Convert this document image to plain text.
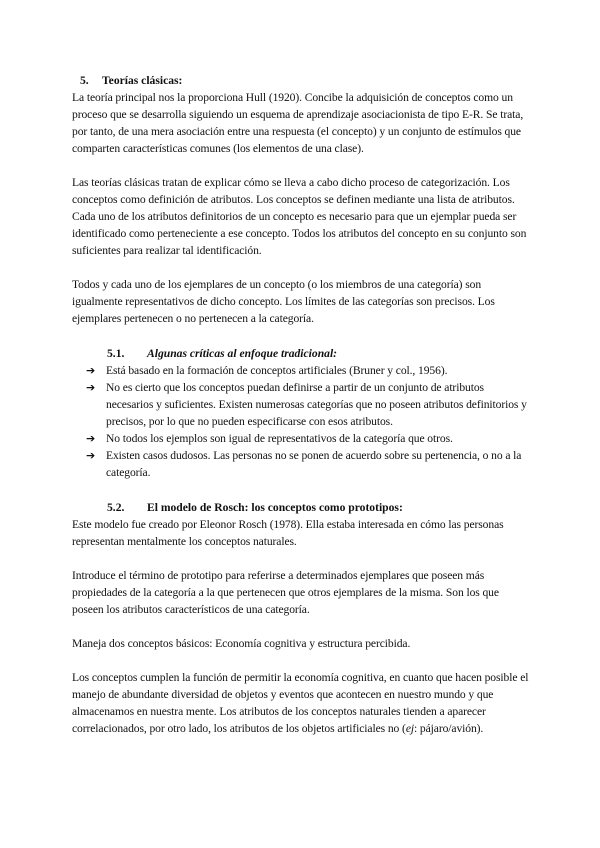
5. Teorías clásicas:

La teoría principal nos la proporciona Hull (1920). Concibe la adquisición de conceptos como un proceso que se desarrolla siguiendo un esquema de aprendizaje asociacionista de tipo E-R. Se trata, por tanto, de una mera asociación entre una respuesta (el concepto) y un conjunto de estímulos que comparten características comunes (los elementos de una clase).

Las teorías clásicas tratan de explicar cómo se lleva a cabo dicho proceso de categorización. Los conceptos como definición de atributos. Los conceptos se definen mediante una lista de atributos. Cada uno de los atributos definitorios de un concepto es necesario para que un ejemplar pueda ser identificado como perteneciente a ese concepto. Todos los atributos del concepto en su conjunto son suficientes para realizar tal identificación.

Todos y cada uno de los ejemplares de un concepto (o los miembros de una categoría) son igualmente representativos de dicho concepto. Los límites de las categorías son precisos. Los ejemplares pertenecen o no pertenecen a la categoría.

5.1. Algunas críticas al enfoque tradicional:

➔ Está basado en la formación de conceptos artificiales (Bruner y col., 1956).
➔ No es cierto que los conceptos puedan definirse a partir de un conjunto de atributos necesarios y suficientes. Existen numerosas categorías que no poseen atributos definitorios y precisos, por lo que no pueden especificarse con esos atributos.
➔ No todos los ejemplos son igual de representativos de la categoría que otros.
➔ Existen casos dudosos. Las personas no se ponen de acuerdo sobre su pertenencia, o no a la categoría.

5.2. El modelo de Rosch: los conceptos como prototipos:

Este modelo fue creado por Eleonor Rosch (1978). Ella estaba interesada en cómo las personas representan mentalmente los conceptos naturales.

Introduce el término de prototipo para referirse a determinados ejemplares que poseen más propiedades de la categoría a la que pertenecen que otros ejemplares de la misma. Son los que poseen los atributos característicos de una categoría.

Maneja dos conceptos básicos: Economía cognitiva y estructura percibida.

Los conceptos cumplen la función de permitir la economía cognitiva, en cuanto que hacen posible el manejo de abundante diversidad de objetos y eventos que acontecen en nuestro mundo y que almacenamos en nuestra mente. Los atributos de los conceptos naturales tienden a aparecer correlacionados, por otro lado, los atributos de los objetos artificiales no (ej: pájaro/avión).
